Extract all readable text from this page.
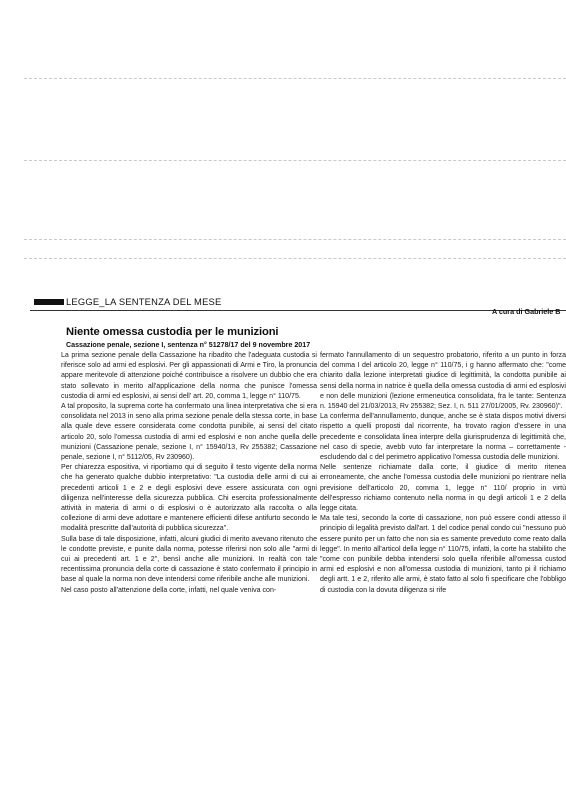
LEGGE_LA SENTENZA DEL MESE
A cura di Gabriele B
Niente omessa custodia per le munizioni
Cassazione penale, sezione I, sentenza n° 51278/17 del 9 novembre 2017

La prima sezione penale della Cassazione ha ribadito che l'adeguata custodia si riferisce solo ad armi ed esplosivi. Per gli appassionati di Armi e Tiro, la pronuncia appare meritevole di attenzione poiché contribuisce a risolvere un dubbio che era stato sollevato in merito all'applicazione della norma che punisce l'omessa custodia di armi ed esplosivi, ai sensi dell' art. 20, comma 1, legge n° 110/75.

A tal proposito, la suprema corte ha confermato una linea interpretativa che si era consolidata nel 2013 in seno alla prima sezione penale della stessa corte, in base alla quale deve essere considerata come condotta punibile, ai sensi del citato articolo 20, solo l'omessa custodia di armi ed esplosivi e non anche quella delle munizioni (Cassazione penale, sezione I, n° 15940/13, Rv 255382; Cassazione penale, sezione I, n° 5112/05, Rv 230960).

Per chiarezza espositiva, vi riportiamo qui di seguito il testo vigente della norma che ha generato qualche dubbio interpretativo: "La custodia delle armi di cui ai precedenti articoli 1 e 2 e degli esplosivi deve essere assicurata con ogni diligenza nell'interesse della sicurezza pubblica. Chi esercita professionalmente attività in materia di armi o di esplosivi o è autorizzato alla raccolta o alla collezione di armi deve adottare e mantenere efficienti difese antifurto secondo le modalità prescritte dall'autorità di pubblica sicurezza".

Sulla base di tale disposizione, infatti, alcuni giudici di merito avevano ritenuto che le condotte previste, e punite dalla norma, potesse riferirsi non solo alle "armi di cui ai precedenti art. 1 e 2", bensì anche alle munizioni. In realtà con tale recentissima pronuncia della corte di cassazione è stato confermato il principio in base al quale la norma non deve intendersi come riferibile anche alle munizioni.

Nel caso posto all'attenzione della corte, infatti, nel quale veniva con-

fermato l'annullamento di un sequestro probatorio, riferito a un punto in forza del comma I del articolo 20, legge n° 110/75, i g hanno affermato che: "come chiarito dalla lezione interpretati giudice di legittimità, la condotta punibile ai sensi della norma in natrice è quella della omessa custodia di armi ed esplosivi e non delle munizioni (lezione ermeneutica consolidata, fra le tante: Sentenza n. 15940 del 21/03/2013, Rv 255382; Sez. I, n. 511 27/01/2005, Rv. 230960)".

La conferma dell'annullamento, dunque, anche se è stata dispos motivi diversi rispetto a quelli proposti dal ricorrente, ha trovato ragion d'essere in una precedente e consolidata linea interpre della giurisprudenza di legittimità che, nel caso di specie, avebb vuto far interpretare la norma – correttamente - escludendo dal c del perimetro applicativo l'omessa custodia delle munizioni.

Nelle sentenze richiamate dalla corte, il giudice di merito ritenea erroneamente, che anche l'omessa custodia delle munizioni po rientrare nella previsione dell'articolo 20, comma 1, legge n° 110/ proprio in virtù dell'espresso richiamo contenuto nella norma in qu degli articoli 1 e 2 della legge citata.

Ma tale tesi, secondo la corte di cassazione, non può essere condi attesso il principio di legalità previsto dall'art. 1 del codice penal condo cui "nessuno può essere punito per un fatto che non sia es samente preveduto come reato dalla legge". In merito all'articol della legge n° 110/75, infatti, la corte ha stabilito che "come con punibile debba intendersi solo quella riferibile all'omessa custod armi ed esplosivi e non all'omessa custodia di munizioni, tanto pi il richiamo degli artt. 1 e 2, riferito alle armi, è stato fatto al solo fi specificare che l'obbligo di custodia con la dovuta diligenza si rife
